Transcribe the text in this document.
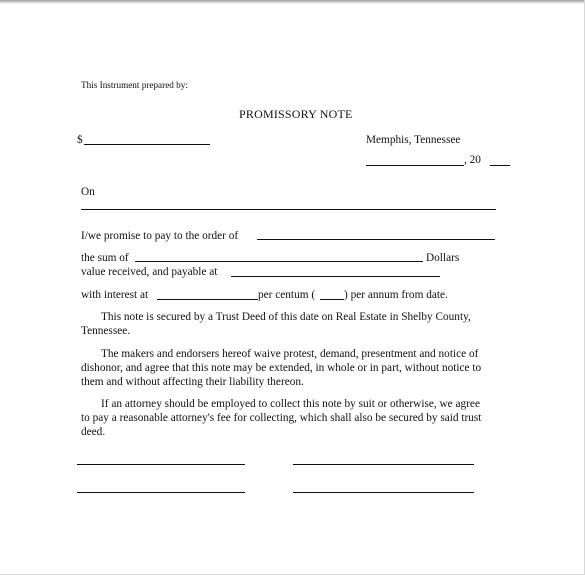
This Instrument prepared by:
PROMISSORY NOTE
$	Memphis, Tennessee
, 20
On
I/we promise to pay to the order of
the sum of	Dollars
value received, and payable at
with interest at	per centum (	) per annum from date.
This note is secured by a Trust Deed of this date on Real Estate in Shelby County,
Tennessee.
The makers and endorsers hereof waive protest, demand, presentment and notice of
dishonor, and agree that this note may be extended, in whole or in part, without notice to
them and without affecting their liability thereon.
If an attorney should be employed to collect this note by suit or otherwise, we agree
to pay a reasonable attorney's fee for collecting, which shall also be secured by said trust
deed.
